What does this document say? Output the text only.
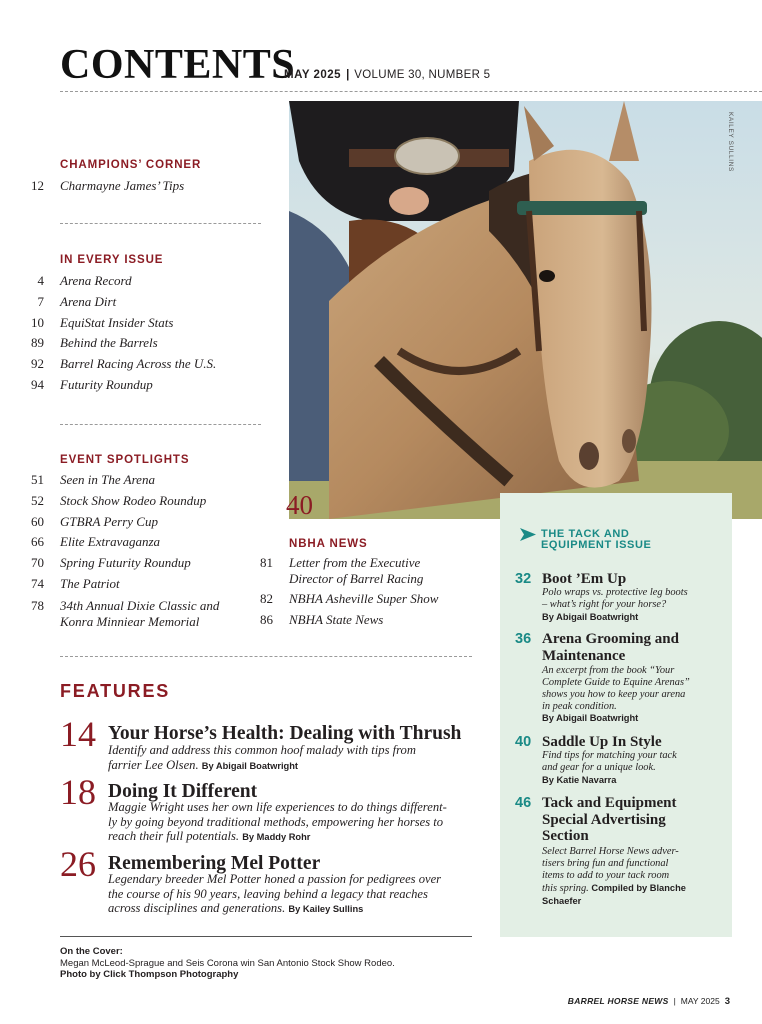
CONTENTS
MAY 2025 | VOLUME 30, NUMBER 5
KAILEY SULLINS
CHAMPIONS’ CORNER
12	Charmayne James’ Tips
IN EVERY ISSUE
4	Arena Record
7	Arena Dirt
10	EquiStat Insider Stats
89	Behind the Barrels
92	Barrel Racing Across the U.S.
94	Futurity Roundup
EVENT SPOTLIGHTS
51	Seen in The Arena
52	Stock Show Rodeo Roundup
60	GTBRA Perry Cup
66	Elite Extravaganza
70	Spring Futurity Roundup
74	The Patriot
78	34th Annual Dixie Classic and
Konra Minniear Memorial
40
NBHA NEWS
81	Letter from the Executive
Director of Barrel Racing
82	NBHA Asheville Super Show
86	NBHA State News
FEATURES
14 Your Horse’s Health: Dealing with Thrush
Identify and address this common hoof malady with tips from
farrier Lee Olsen. By Abigail Boatwright
18 Doing It Different
Maggie Wright uses her own life experiences to do things different-
ly by going beyond traditional methods, empowering her horses to
reach their full potentials. By Maddy Rohr
26 Remembering Mel Potter
Legendary breeder Mel Potter honed a passion for pedigrees over
the course of his 90 years, leaving behind a legacy that reaches
across disciplines and generations. By Kailey Sullins
On the Cover:
Megan McLeod-Sprague and Seis Corona win San Antonio Stock Show Rodeo.
Photo by Click Thompson Photography
THE TACK AND
EQUIPMENT ISSUE
32 Boot ’Em Up
Polo wraps vs. protective leg boots
– what’s right for your horse?
By Abigail Boatwright
36 Arena Grooming and
Maintenance
An excerpt from the book “Your
Complete Guide to Equine Arenas”
shows you how to keep your arena
in peak condition.
By Abigail Boatwright
40 Saddle Up In Style
Find tips for matching your tack
and gear for a unique look.
By Katie Navarra
46 Tack and Equipment
Special Advertising
Section
Select Barrel Horse News adver-
tisers bring fun and functional
items to add to your tack room
this spring. Compiled by Blanche
Schaefer
BARREL HORSE NEWS | MAY 2025 3
